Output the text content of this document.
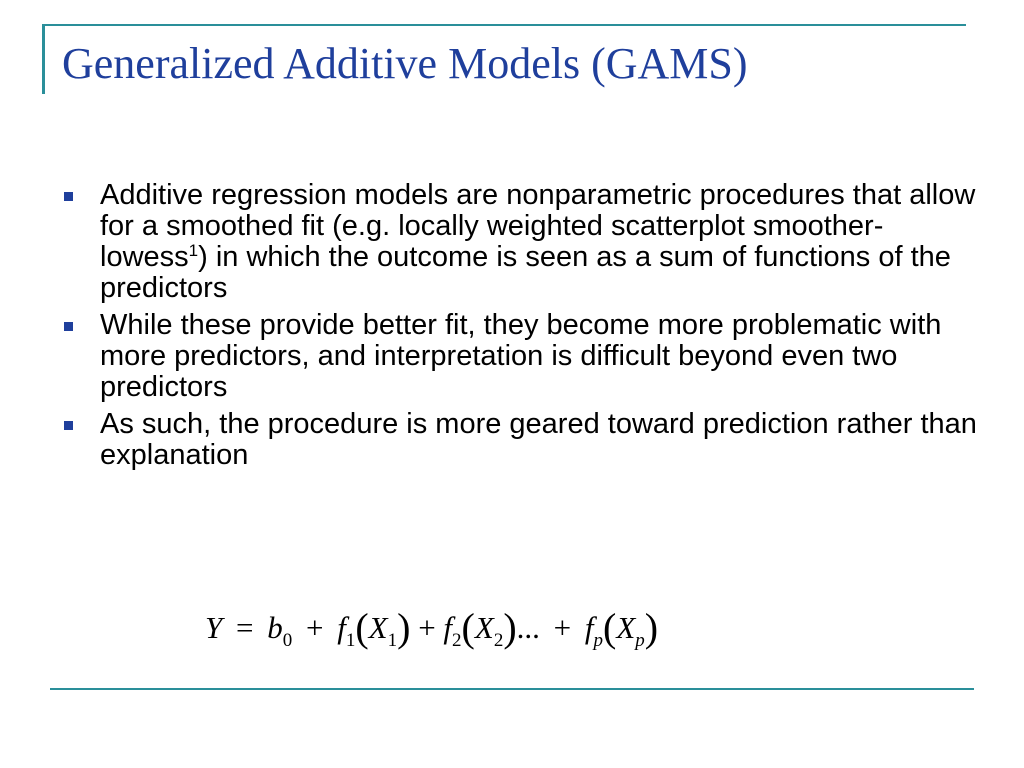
Generalized Additive Models (GAMS)
Additive regression models are nonparametric procedures that allow for a smoothed fit (e.g. locally weighted scatterplot smoother- lowess$^1$) in which the outcome is seen as a sum of functions of the predictors
While these provide better fit, they become more problematic with more predictors, and interpretation is difficult beyond even two predictors
As such, the procedure is more geared toward prediction rather than explanation
$Y = b_0 + f_1(X_1) + f_2(X_2)$... + $f_p(X_p)$
